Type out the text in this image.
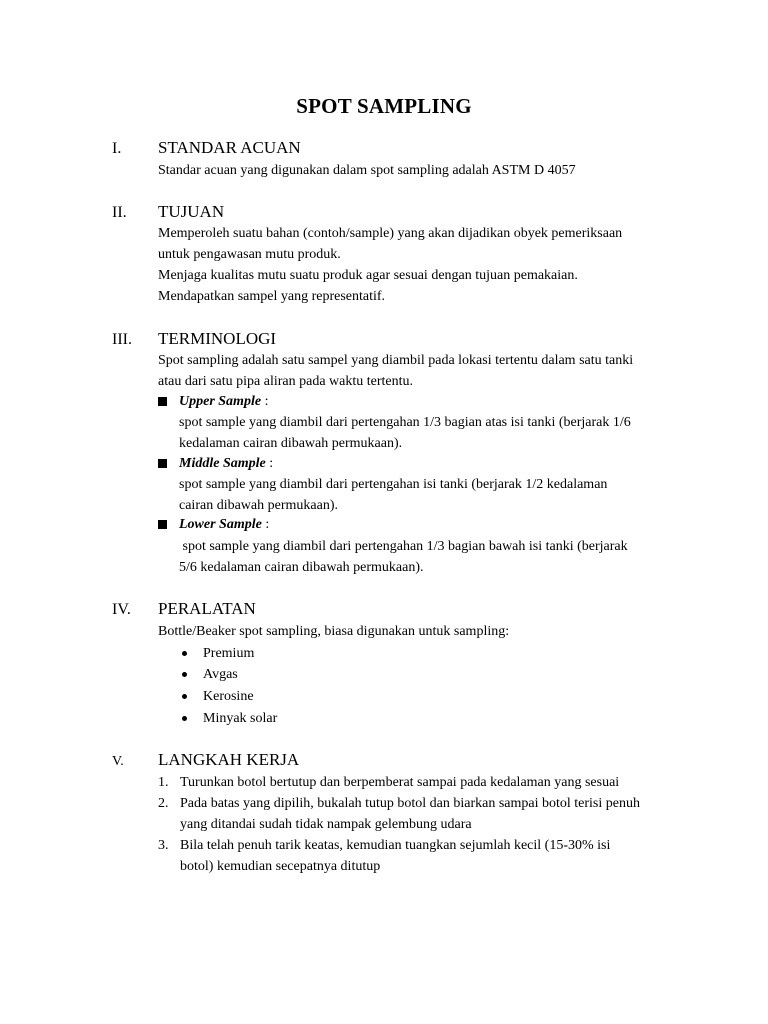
SPOT SAMPLING
I. STANDAR ACUAN
Standar acuan yang digunakan dalam spot sampling adalah ASTM D 4057
II. TUJUAN
Memperoleh suatu bahan (contoh/sample) yang akan dijadikan obyek pemeriksaan
untuk pengawasan mutu produk.
Menjaga kualitas mutu suatu produk agar sesuai dengan tujuan pemakaian.
Mendapatkan sampel yang representatif.
III. TERMINOLOGI
Spot sampling adalah satu sampel yang diambil pada lokasi tertentu dalam satu tanki
atau dari satu pipa aliran pada waktu tertentu.
Upper Sample :
spot sample yang diambil dari pertengahan 1/3 bagian atas isi tanki (berjarak 1/6
kedalaman cairan dibawah permukaan).
Middle Sample :
spot sample yang diambil dari pertengahan isi tanki (berjarak 1/2 kedalaman
cairan dibawah permukaan).
Lower Sample :
spot sample yang diambil dari pertengahan 1/3 bagian bawah isi tanki (berjarak
5/6 kedalaman cairan dibawah permukaan).
IV. PERALATAN
Bottle/Beaker spot sampling, biasa digunakan untuk sampling:
Premium
Avgas
Kerosine
Minyak solar
V. LANGKAH KERJA
1. Turunkan botol bertutup dan berpemberat sampai pada kedalaman yang sesuai
2. Pada batas yang dipilih, bukalah tutup botol dan biarkan sampai botol terisi penuh
yang ditandai sudah tidak nampak gelembung udara
3. Bila telah penuh tarik keatas, kemudian tuangkan sejumlah kecil (15-30% isi
botol) kemudian secepatnya ditutup
